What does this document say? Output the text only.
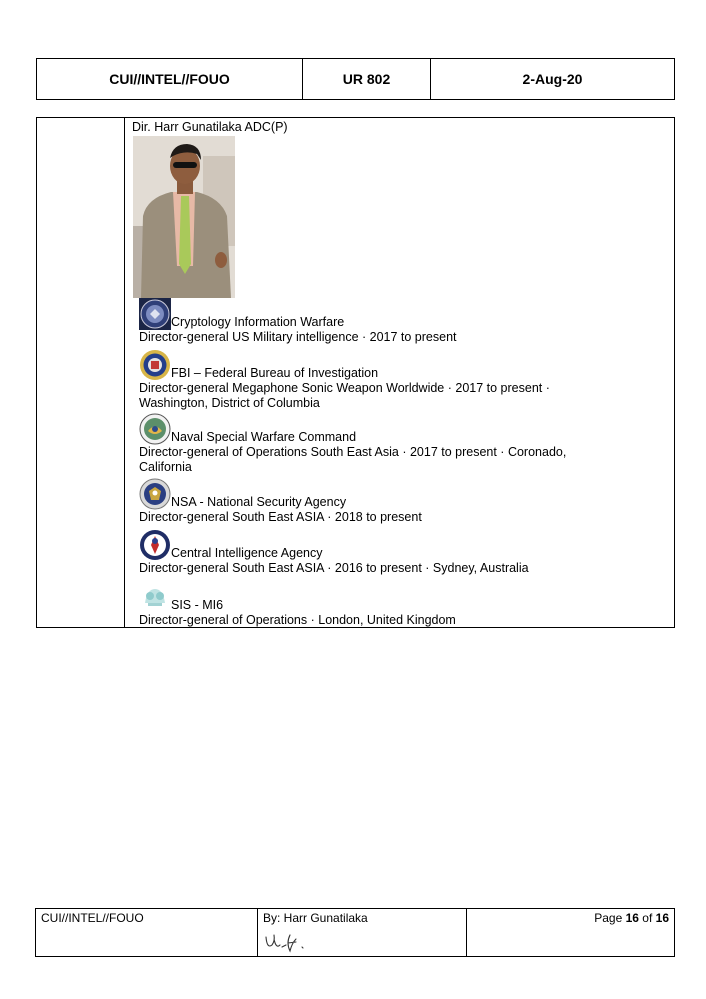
CUI//INTEL//FOUO	UR 802	2-Aug-20
Dir. Harr Gunatilaka ADC(P)
Cryptology Information Warfare
Director-general US Military intelligence · 2017 to present
FBI – Federal Bureau of Investigation
Director-general Megaphone Sonic Weapon Worldwide · 2017 to present ·
Washington, District of Columbia
Naval Special Warfare Command
Director-general of Operations South East Asia · 2017 to present · Coronado,
California
NSA - National Security Agency
Director-general South East ASIA · 2018 to present
Central Intelligence Agency
Director-general South East ASIA · 2016 to present · Sydney, Australia
SIS - MI6
Director-general of Operations · London, United Kingdom
CUI//INTEL//FOUO	By: Harr Gunatilaka	Page 16 of 16
